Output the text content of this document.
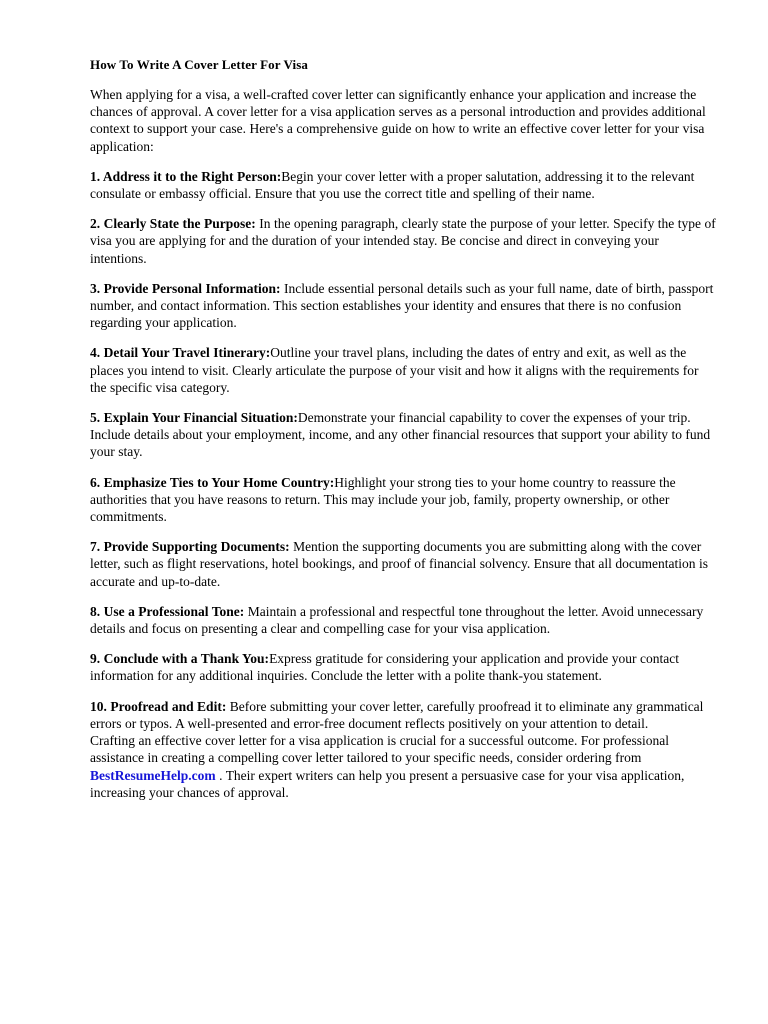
How To Write A Cover Letter For Visa

When applying for a visa, a well-crafted cover letter can significantly enhance your application and increase the chances of approval. A cover letter for a visa application serves as a personal introduction and provides additional context to support your case. Here's a comprehensive guide on how to write an effective cover letter for your visa application:

1. Address it to the Right Person:Begin your cover letter with a proper salutation, addressing it to the relevant consulate or embassy official. Ensure that you use the correct title and spelling of their name.

2. Clearly State the Purpose: In the opening paragraph, clearly state the purpose of your letter. Specify the type of visa you are applying for and the duration of your intended stay. Be concise and direct in conveying your intentions.

3. Provide Personal Information: Include essential personal details such as your full name, date of birth, passport number, and contact information. This section establishes your identity and ensures that there is no confusion regarding your application.

4. Detail Your Travel Itinerary:Outline your travel plans, including the dates of entry and exit, as well as the places you intend to visit. Clearly articulate the purpose of your visit and how it aligns with the requirements for the specific visa category.

5. Explain Your Financial Situation:Demonstrate your financial capability to cover the expenses of your trip. Include details about your employment, income, and any other financial resources that support your ability to fund your stay.

6. Emphasize Ties to Your Home Country:Highlight your strong ties to your home country to reassure the authorities that you have reasons to return. This may include your job, family, property ownership, or other commitments.

7. Provide Supporting Documents: Mention the supporting documents you are submitting along with the cover letter, such as flight reservations, hotel bookings, and proof of financial solvency. Ensure that all documentation is accurate and up-to-date.

8. Use a Professional Tone: Maintain a professional and respectful tone throughout the letter. Avoid unnecessary details and focus on presenting a clear and compelling case for your visa application.

9. Conclude with a Thank You:Express gratitude for considering your application and provide your contact information for any additional inquiries. Conclude the letter with a polite thank-you statement.

10. Proofread and Edit: Before submitting your cover letter, carefully proofread it to eliminate any grammatical errors or typos. A well-presented and error-free document reflects positively on your attention to detail.

Crafting an effective cover letter for a visa application is crucial for a successful outcome. For professional assistance in creating a compelling cover letter tailored to your specific needs, consider ordering from BestResumeHelp.com . Their expert writers can help you present a persuasive case for your visa application, increasing your chances of approval.
